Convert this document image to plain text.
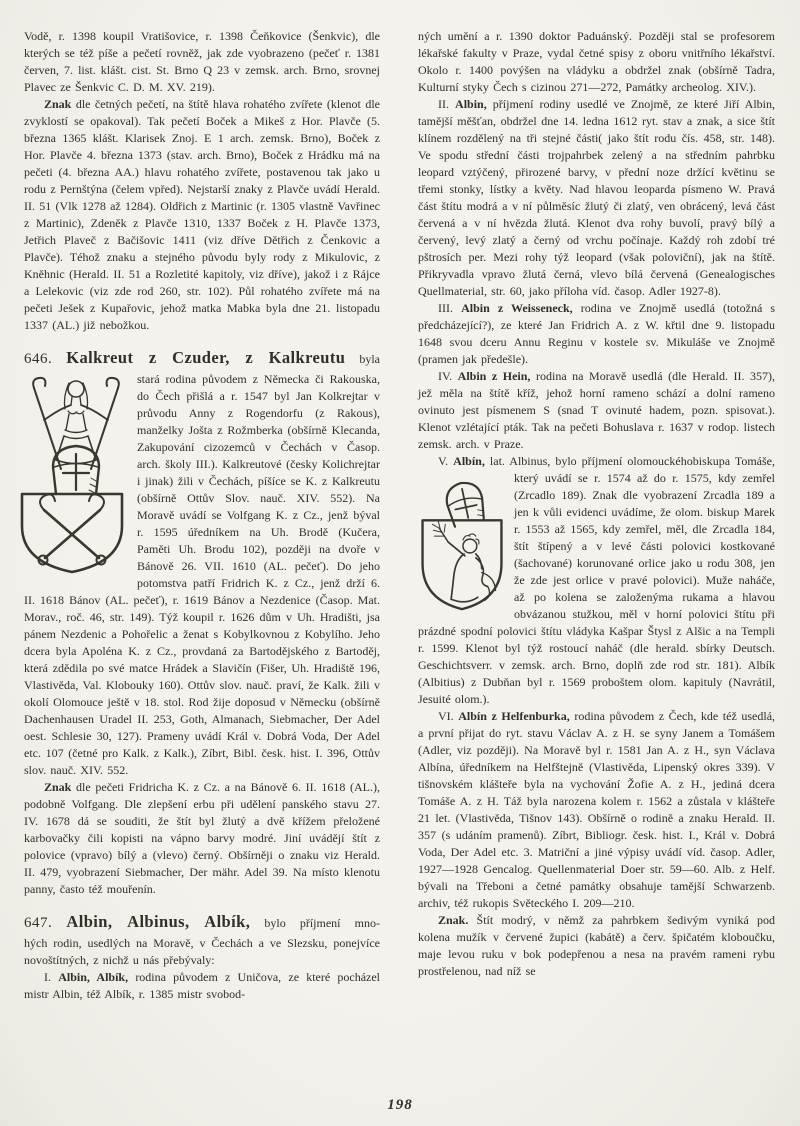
Vodě, r. 1398 koupil Vratišovice, r. 1398 Čeňkovice (Šenkvic), dle kterých se též píše a pečetí rovněž, jak zde vyobrazeno (pečeť r. 1381 červen, 7. list. klášt. cist. St. Brno Q 23 v zemsk. arch. Brno, srovnej Plavec ze Šenkvic C. D. M. XV. 219).

Znak dle četných pečetí, na štítě hlava rohatého zvířete (klenot dle zvyklostí se opakoval). Tak pečetí Boček a Mikeš z Hor. Plavče (5. března 1365 klášt. Klarisek Znoj. E 1 arch. zemsk. Brno), Boček z Hor. Plavče 4. března 1373 (stav. arch. Brno), Boček z Hrádku má na pečeti (4. března AA.) hlavu rohatého zvířete, postavenou tak jako u rodu z Pernštýna (čelem vpřed). Nejstarší znaky z Plavče uvádí Herald. II. 51 (Vlk 1278 až 1284). Oldřich z Martinic (r. 1305 vlastně Vavřinec z Martinic), Zdeněk z Plavče 1310, 1337 Boček z H. Plavče 1373, Jetřich Plaveč z Bačišovic 1411 (viz dříve Dětřich z Čenkovic a Plavče). Téhož znaku a stejného původu byly rody z Mikulovic, z Kněhnic (Herald. II. 51 a Rozletité kapitoly, viz dříve), jakož i z Rájce a Lelekovic (viz zde rod 260, str. 102). Půl rohatého zvířete má na pečeti Ješek z Kupařovic, jehož matka Mabka byla dne 21. listopadu 1337 (AL.) již nebožkou.

646. Kalkreut z Czuder, z Kalkreutu byla

stará rodina původem z Německa či Rakouska, do Čech přišlá a r. 1547 byl Jan Kolkrejtar v průvodu Anny z Rogendorfu (z Rakous), manželky Jošta z Rožmberka (obšírně Klecanda, Zakupování cizozemců v Čechách v Časop. arch. školy III.). Kalkreutové (česky Kolichrejtar i jinak) žili v Čechách, píšíce se K. z Kalkreutu (obšírně Ottův Slov. nauč. XIV. 552). Na Moravě uvádí se Volfgang K. z Cz., jenž býval r. 1595 úředníkem na Uh. Brodě (Kučera, Paměti Uh. Brodu 102), později na dvoře v Bánově 26. VII. 1610 (AL. pečeť). Do jeho potomstva patří Fridrich K. z Cz., jenž drží 6. II. 1618 Bánov (AL. pečeť), r. 1619 Bánov a Nezdenice (Časop. Mat. Morav., roč. 46, str. 149). Týž koupil r. 1626 dům v Uh. Hradišti, jsa pánem Nezdenic a Pohořelic a ženat s Kobylkovnou z Kobylího. Jeho dcera byla Apoléna K. z Cz., provdaná za Bartodějského z Bartoděj, která zdědila po své matce Hrádek a Slavičín (Fišer, Uh. Hradiště 196, Vlastivěda, Val. Klobouky 160). Ottův slov. nauč. praví, že Kalk. žili v okolí Olomouce ještě v 18. stol. Rod žije doposud v Německu (obšírně Dachenhausen Uradel II. 253, Goth, Almanach, Siebmacher, Der Adel oest. Schlesie 30, 127). Prameny uvádí Král v. Dobrá Voda, Der Adel etc. 107 (četné pro Kalk. z Kalk.), Zíbrt, Bibl. česk. hist. I. 396, Ottův slov. nauč. XIV. 552.

Znak dle pečeti Fridricha K. z Cz. a na Bánově 6. II. 1618 (AL.), podobně Volfgang. Dle zlepšení erbu při udělení panského stavu 27. IV. 1678 dá se souditi, že štít byl žlutý a dvě křížem přeložené karbovačky čili kopisti na vápno barvy modré. Jiní uvádějí štít z polovice (vpravo) bílý a (vlevo) černý. Obšírněji o znaku viz Herald. II. 479, vyobrazení Siebmacher, Der mähr. Adel 39. Na místo klenotu panny, často též mouřenín.

647. Albin, Albinus, Albík, bylo příjmení mno-

hých rodin, usedlých na Moravě, v Čechách a ve Slezsku, ponejvíce novoštítných, z nichž u nás přebývaly:

I. Albin, Albík, rodina původem z Uničova, ze které pocházel mistr Albin, též Albík, r. 1385 mistr svobod-

ných umění a r. 1390 doktor Paduánský. Později stal se profesorem lékařské fakulty v Praze, vydal četné spisy z oboru vnitřního lékařství. Okolo r. 1400 povýšen na vládyku a obdržel znak (obšírně Tadra, Kulturní styky Čech s cizinou 271—272, Památky archeolog. XIV.).

II. Albin, příjmení rodiny usedlé ve Znojmě, ze které Jiří Albin, tamější měšťan, obdržel dne 14. ledna 1612 ryt. stav a znak, a sice štít klínem rozdělený na tři stejné části( jako štít rodu čís. 458, str. 148). Ve spodu střední části trojpahrbek zelený a na středním pahrbku leopard vztýčený, přirozené barvy, v přední noze držící květinu se třemi stonky, lístky a květy. Nad hlavou leoparda písmeno W. Pravá část štítu modrá a v ní půlměsíc žlutý či zlatý, ven obrácený, levá část červená a v ní hvězda žlutá. Klenot dva rohy buvolí, pravý bílý a červený, levý zlatý a černý od vrchu počínaje. Každý roh zdobí tré pštrosích per. Mezi rohy týž leopard (však poloviční), jak na štítě. Přikryvadla vpravo žlutá černá, vlevo bílá červená (Genealogisches Quellmaterial, str. 60, jako příloha víd. časop. Adler 1927-8).

III. Albin z Weisseneck, rodina ve Znojmě usedlá (totožná s předcházející?), ze které Jan Fridrich A. z W. křtil dne 9. listopadu 1648 svou dceru Annu Reginu v kostele sv. Mikuláše ve Znojmě (pramen jak předešle).

IV. Albin z Hein, rodina na Moravě usedlá (dle Herald. II. 357), jež měla na štítě kříž, jehož horní rameno schází a dolní rameno ovinuto jest písmenem S (snad T ovinuté hadem, pozn. spisovat.). Klenot vzlétající pták. Tak na pečeti Bohuslava r. 1637 v rodop. listech zemsk. arch. v Praze.

V. Albín, lat. Albinus, bylo příjmení olomouckého
biskupa Tomáše, který uvádí se r. 1574 až do r. 1575, kdy zemřel (Zrcadlo 189). Znak dle vyobrazení Zrcadla 189 a jen k vůli evidenci uvádíme, že olom. biskup Marek r. 1553 až 1565, kdy zemřel, měl, dle Zrcadla 184, štít štípený a v levé části polovici kostkované (šachované) korunované orlice jako u rodu 308, jen že zde jest orlice v pravé polovici). Muže naháče, až po kolena se založenýma rukama a hlavou obvázanou stužkou, měl v horní polovici štítu při prázdné spodní polovici štítu vládyka Kašpar Štysl z Alšic a na Templi r. 1599. Klenot byl týž rostoucí naháč (dle herald. sbírky Deutsch. Geschichtsverr. v zemsk. arch. Brno, doplň zde rod str. 181). Albík (Albitius) z Dubňan byl r. 1569 proboštem olom. kapituly (Navrátil, Jesuité olom.).

VI. Albín z Helfenburka, rodina původem z Čech, kde též usedlá, a první přijat do ryt. stavu Václav A. z H. se syny Janem a Tomášem (Adler, viz později). Na Moravě byl r. 1581 Jan A. z H., syn Václava Albína, úředníkem na Helfštejně (Vlastivěda, Lipenský okres 339). V tišnovském klášteře byla na vychování Žofie A. z H., jediná dcera Tomáše A. z H. Táž byla narozena kolem r. 1562 a zůstala v klášteře 21 let. (Vlastivěda, Tišnov 143). Obšírně o rodině a znaku Herald. II. 357 (s udáním pramenů). Zíbrt, Bibliogr. česk. hist. I., Král v. Dobrá Voda, Der Adel etc. 3. Matriční a jiné výpisy uvádí víd. časop. Adler, 1927—1928 Gencalog. Quellenmaterial Doer str. 59—60. Alb. z Helf. bývali na Třeboni a četné památky obsahuje tamější Schwarzenb. archiv, též rukopis Světeckého I. 209—210.

Znak. Štít modrý, v němž za pahrbkem šedivým vyniká pod kolena mužík v červené župici (kabátě) a červ. špičatém kloboučku, maje levou ruku v bok podepřenou a nesa na pravém rameni rybu prostřelenou, nad níž se

198
